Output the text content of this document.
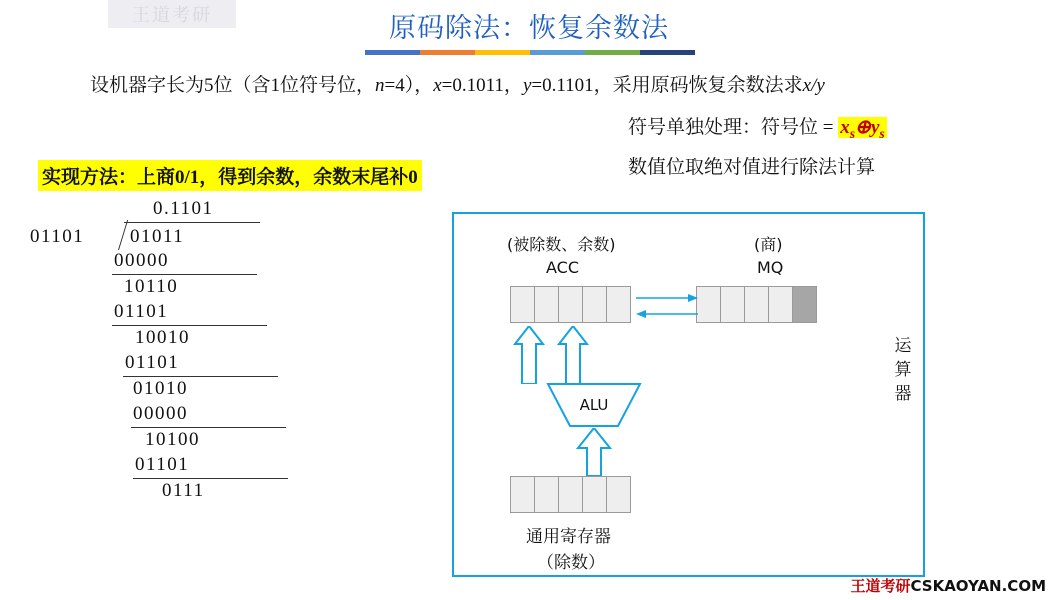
王道考研	原码除法：恢复余数法
设机器字长为5位（含1位符号位，n=4），x=0.1011，y=0.1101，采用原码恢复余数法求x/y
符号单独处理：符号位 = $x_s\oplus y_s$
数值位取绝对值进行除法计算
实现方法：上商0/1，得到余数，余数末尾补0
0.1101
01101 01011
00000
10110
01101
10010
01101
01010
00000
10100
01101
0111
(被除数、余数)
ACC
(商)
MQ
ALU
通用寄存器
（除数）
运
算
器
王道考研CSKAOYAN.COM
